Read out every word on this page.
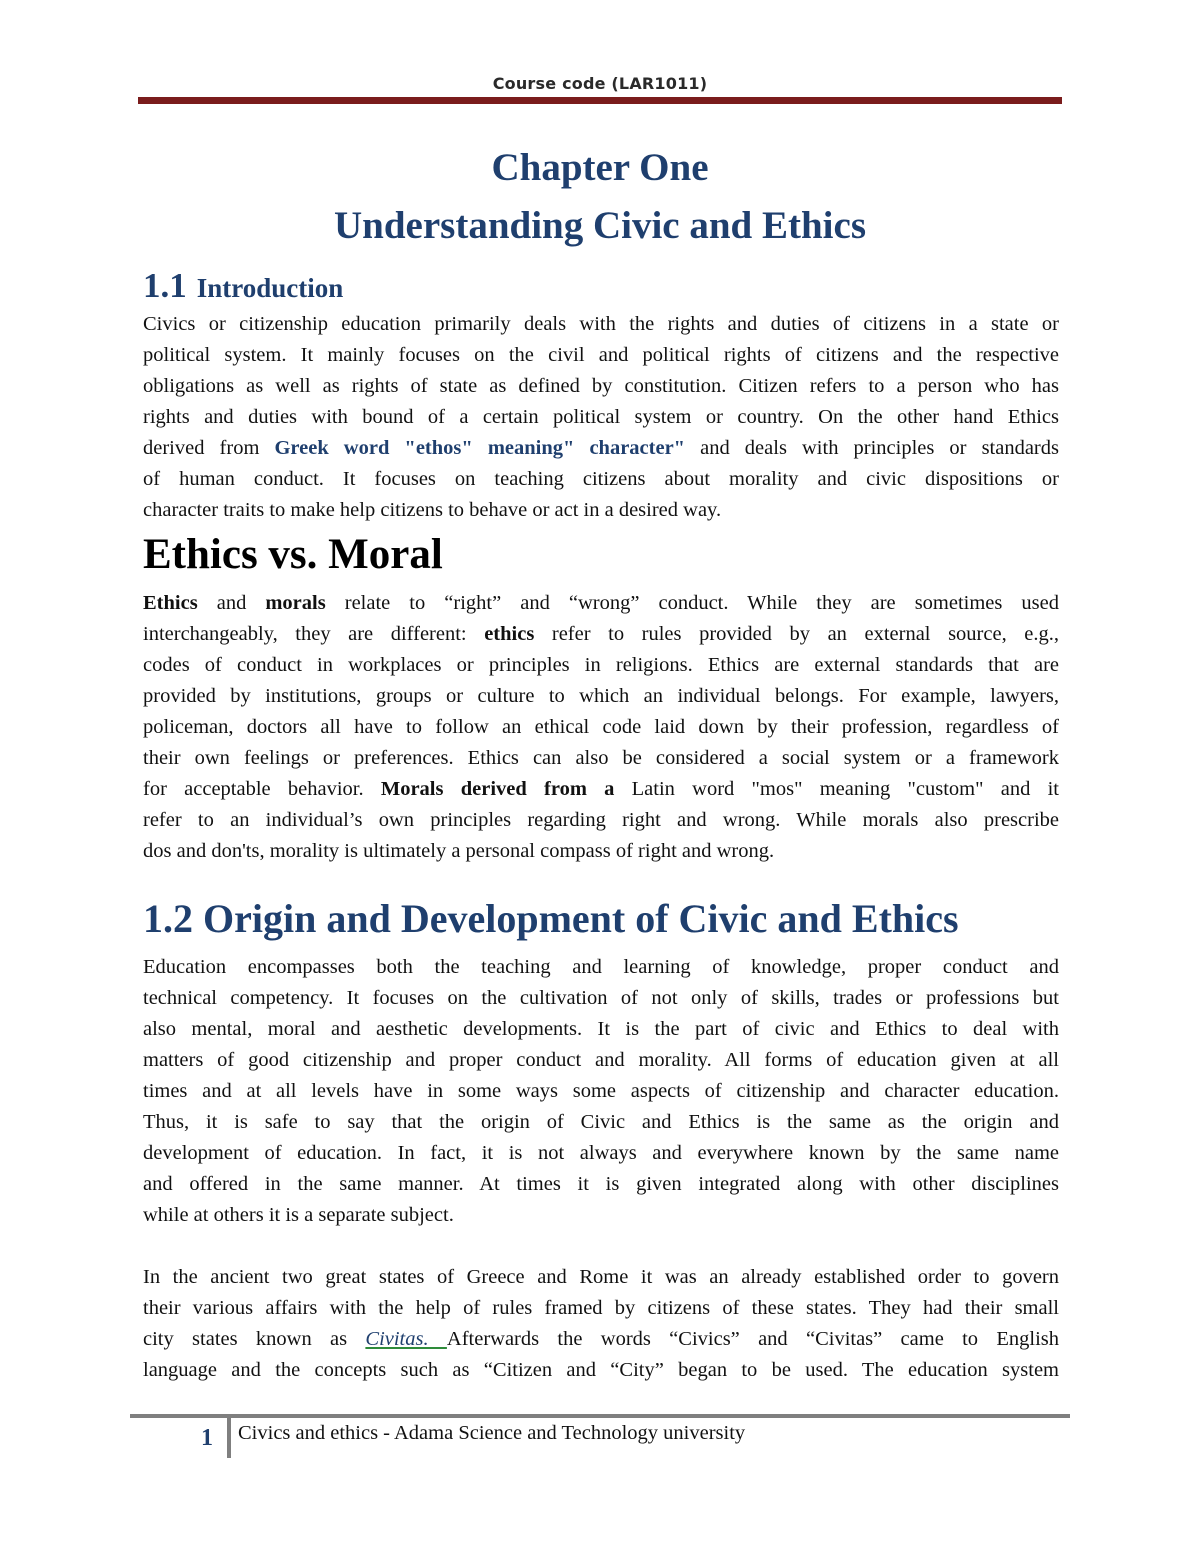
Course code (LAR1011)
Chapter One
Understanding Civic and Ethics
1.1 Introduction
Civics or citizenship education primarily deals with the rights and duties of citizens in a state or
political system. It mainly focuses on the civil and political rights of citizens and the respective
obligations as well as rights of state as defined by constitution. Citizen refers to a person who has
rights and duties with bound of a certain political system or country. On the other hand Ethics
derived from Greek word "ethos" meaning" character" and deals with principles or standards
of human conduct. It focuses on teaching citizens about morality and civic dispositions or
character traits to make help citizens to behave or act in a desired way.
Ethics vs. Moral
Ethics and morals relate to “right” and “wrong” conduct. While they are sometimes used
interchangeably, they are different: ethics refer to rules provided by an external source, e.g.,
codes of conduct in workplaces or principles in religions. Ethics are external standards that are
provided by institutions, groups or culture to which an individual belongs. For example, lawyers,
policeman, doctors all have to follow an ethical code laid down by their profession, regardless of
their own feelings or preferences. Ethics can also be considered a social system or a framework
for acceptable behavior. Morals derived from a Latin word "mos" meaning "custom" and it
refer to an individual’s own principles regarding right and wrong. While morals also prescribe
dos and don'ts, morality is ultimately a personal compass of right and wrong.
1.2 Origin and Development of Civic and Ethics
Education encompasses both the teaching and learning of knowledge, proper conduct and
technical competency. It focuses on the cultivation of not only of skills, trades or professions but
also mental, moral and aesthetic developments. It is the part of civic and Ethics to deal with
matters of good citizenship and proper conduct and morality. All forms of education given at all
times and at all levels have in some ways some aspects of citizenship and character education.
Thus, it is safe to say that the origin of Civic and Ethics is the same as the origin and
development of education. In fact, it is not always and everywhere known by the same name
and offered in the same manner. At times it is given integrated along with other disciplines
while at others it is a separate subject.
In the ancient two great states of Greece and Rome it was an already established order to govern
their various affairs with the help of rules framed by citizens of these states. They had their small
city states known as Civitas. Afterwards the words “Civics” and “Civitas” came to English
language and the concepts such as “Citizen and “City” began to be used. The education system
1 Civics and ethics - Adama Science and Technology university
